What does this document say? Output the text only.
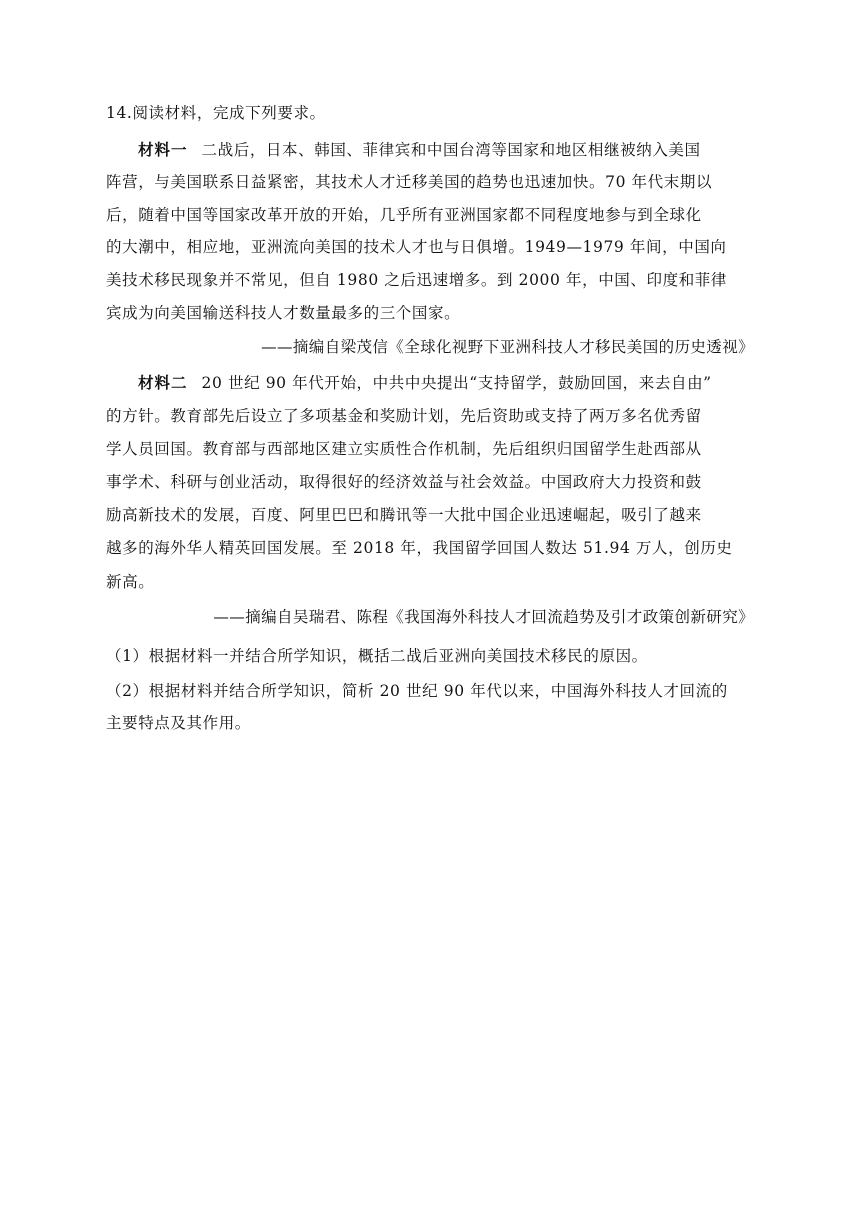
14.阅读材料，完成下列要求。
材料一 二战后，日本、韩国、菲律宾和中国台湾等国家和地区相继被纳入美国
阵营，与美国联系日益紧密，其技术人才迁移美国的趋势也迅速加快。70 年代末期以
后，随着中国等国家改革开放的开始，几乎所有亚洲国家都不同程度地参与到全球化
的大潮中，相应地，亚洲流向美国的技术人才也与日俱增。1949—1979 年间，中国向
美技术移民现象并不常见，但自 1980 之后迅速增多。到 2000 年，中国、印度和菲律
宾成为向美国输送科技人才数量最多的三个国家。
——摘编自梁茂信《全球化视野下亚洲科技人才移民美国的历史透视》
材料二 20 世纪 90 年代开始，中共中央提出“支持留学，鼓励回国，来去自由”
的方针。教育部先后设立了多项基金和奖励计划，先后资助或支持了两万多名优秀留
学人员回国。教育部与西部地区建立实质性合作机制，先后组织归国留学生赴西部从
事学术、科研与创业活动，取得很好的经济效益与社会效益。中国政府大力投资和鼓
励高新技术的发展，百度、阿里巴巴和腾讯等一大批中国企业迅速崛起，吸引了越来
越多的海外华人精英回国发展。至 2018 年，我国留学回国人数达 51.94 万人，创历史
新高。
——摘编自吴瑞君、陈程《我国海外科技人才回流趋势及引才政策创新研究》
（1）根据材料一并结合所学知识，概括二战后亚洲向美国技术移民的原因。
（2）根据材料并结合所学知识，简析 20 世纪 90 年代以来，中国海外科技人才回流的
主要特点及其作用。
